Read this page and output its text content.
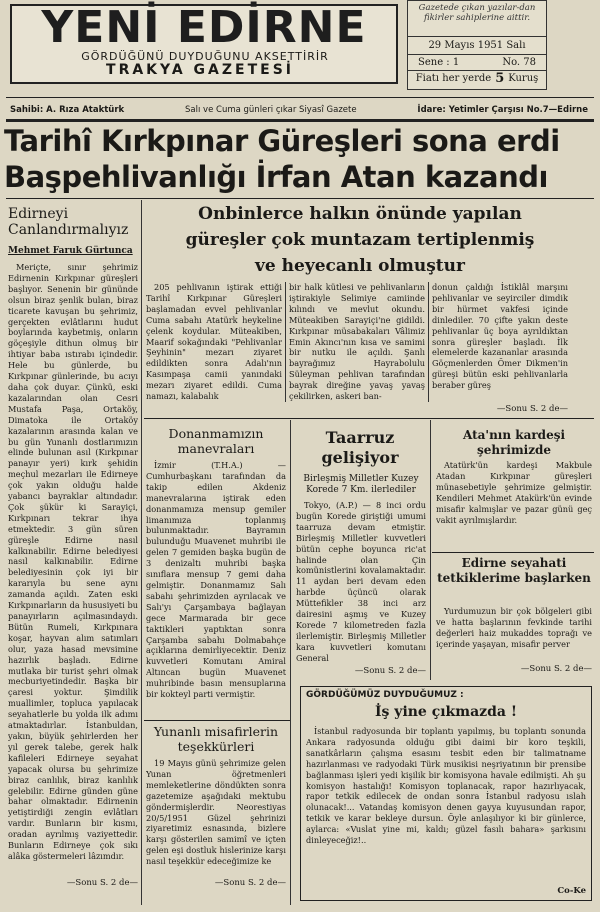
YENİ EDİRNE
GÖRDÜĞÜNÜ DUYDUĞUNU AKSETTİRİR
TRAKYA GAZETESİ
Gazetede çıkan yazılar-dan fikirler sahiplerine aittir.
29 Mayıs 1951 Salı
Sene : 1	No. 78
Fiatı her yerde 5 Kuruş
Sahibi: A. Rıza Ataktürk	Salı ve Cuma günleri çıkar Siyasî Gazete	İdare: Yetimler Çarşısı No.7—Edirne
Tarihî Kırkpınar Güreşleri sona erdi
Başpehlivanlığı İrfan Atan kazandı
Edirneyi Canlandırmalıyız
Mehmet Faruk Gürtunca

Meriçte, sınır şehrimiz Edirnenin Kırkpınar güreşleri başlıyor. Senenin bir gününde olsun biraz şenlik bulan, biraz ticarete kavuşan bu şehrimiz, gerçekten evlâtlarını hudut boylarında kaybetmiş, onların göçeşiyle dithun olmuş bir ihtiyar baba ıstırabı içindedir. Hele bu günlerde, bu Kırkpınar günlerinde, bu acıyı daha çok duyar. Çünkü, eski kazalarından olan Cesri Mustafa Paşa, Ortaköy, Dimatoka ile Ortaköy kazalarının arasında kalan ve bu gün Yunanlı dostlarımızın elinde bulunan asıl (Kırkpınar panayır yeri) kırk şehidin meçhul mezarları ile Edirneye çok yakın olduğu halde yabancı bayraklar altındadır. Çok şükür ki Sarayiçi, Kırkpınarı tekrar ihya etmektedir. 3 gün süren güreşle Edirne nasıl kalkınabilir. Edirne belediyesi nasıl kalkınabilir. Edirne belediyesinin çok iyi bir kararıyla bu sene aynı zamanda açıldı. Zaten eski Kırkpınarların da hususiyeti bu panayırların açılmasındaydı. Bütün Rumeli, Kırkpınara koşar, hayvan alım satımları olur, yaza hasad mevsimine hazırlık başladı. Edirne mutlaka bir turist şehri olmak mecburiyetindedir. Başka bir çaresi yoktur. Şimdilik muallimler, topluca yapılacak seyahatlerle bu yolda ilk adımı atmaktadırlar. İstanbuldan, yakın, büyük şehirlerden her yıl gerek talebe, gerek halk kafileleri Edirneye seyahat yapacak olursa bu şehrimize biraz canlılık, biraz kanlılık gelebilir. Edirne günden güne bahar olmaktadır. Edirnenin yetiştirdiği zengin evlâtları vardır. Bunların bir kısmı, oradan ayrılmış vaziyettedir. Bunların Edirneye çok sıkı alâka göstermeleri lâzımdır.

—Sonu S. 2 de—
Onbinlerce halkın önünde yapılan
güreşler çok muntazam tertiplenmiş
ve heyecanlı olmuştur

205 pehlivanın iştirak ettiği Tarihî Kırkpınar Güreşleri başlamadan evvel pehlivanlar Cuma sabahı Atatürk heykeline çelenk koydular. Müteakiben, Maarif sokağındaki "Pehlivanlar Şeyhinin" mezarı ziyaret edildikten sonra Adalı'nın Kasımpaşa camii yanındaki mezarı ziyaret edildi. Cuma namazı, kalabalık

bir halk kütlesi ve pehlivanların iştirakiyle Selimiye camiinde kılındı ve mevlut okundu. Müteakiben Sarayiçi'ne gidildi. Kırkpınar müsabakaları Vâlimiz Emin Akıncı'nın kısa ve samimi bir nutku ile açıldı. Şanlı bayrağımız Hayrabolulu Süleyman pehlivan tarafından bayrak direğine yavaş yavaş çekilirken, askeri ban-

donun çaldığı İstiklâl marşını pehlivanlar ve seyirciler dimdik bir hürmet vakfesi içinde dinlediler. 70 çifte yakın deste pehlivanlar üç boya ayrıldıktan sonra güreşler başladı. İlk elemelerde kazananlar arasında Göçmenlerden Ömer Dikmen'in güreşi bütün eski pehlivanlarla beraber güreş

—Sonu S. 2 de—
Donanmamızın manevraları

İzmir (T.H.A.) — Cumhurbaşkanı tarafından da takip edilen Akdeniz manevralarına iştirak eden donanmamıza mensup gemiler limanımıza toplanmış bulunmaktadır. Bayramın bulunduğu Muavenet muhribi ile gelen 7 gemiden başka bugün de 3 denizaltı muhribi başka sınıflara mensup 7 gemi daha gelmiştir. Donanmamız Salı sabahı şehrimizden ayrılacak ve Salı'yı Çarşambaya bağlayan gece Marmarada bir gece taktikleri yaptıktan sonra Çarşamba sabahı Dolmabahçe açıklarına demirliyecektir. Deniz kuvvetleri Komutanı Amiral Altıncan bugün Muavenet muhribinde basın mensuplarına bir kokteyl parti vermiştir.

Yunanlı misafirlerin teşekkürleri

19 Mayıs günü şehrimize gelen Yunan öğretmenleri memleketlerine döndükten sonra gazetemize aşağıdaki mektubu göndermişlerdir. Neorestiyas 20/5/1951 Güzel şehrinizi ziyaretimiz esnasında, bizlere karşı gösterilen samimî ve içten gelen eşi dostluk hislerinize karşı nasıl teşekkür edeceğimize ke

—Sonu S. 2 de—
Taarruz gelişiyor
Birleşmiş Milletler Kuzey Korede 7 Km. ilerlediler

Tokyo, (A.P.) — 8 inci ordu bugün Korede giriştiği umumi taarruza devam etmiştir. Birleşmiş Milletler kuvvetleri bütün cephe boyunca ric'at halinde olan Çin komünistlerini kovalamaktadır. 11 aydan beri devam eden harbde üçüncü olarak Müttefikler 38 inci arz dairesini aşmış ve Kuzey Korede 7 kilometreden fazla ilerlemiştir. Birleşmiş Milletler kara kuvvetleri komutanı General

—Sonu S. 2 de—
Ata'nın kardeşi şehrimizde

Atatürk'ün kardeşi Makbule Atadan Kırkpınar güreşleri münasebetiyle şehrimize gelmiştir. Kendileri Mehmet Atakürk'ün evinde misafir kalmışlar ve pazar günü geç vakit ayrılmışlardır.

Edirne seyahati tetkiklerime başlarken

Yurdumuzun bir çok bölgeleri gibi ve hatta başlarının fevkinde tarihi değerleri haiz mukaddes toprağı ve içerinde yaşayan, misafir perver

—Sonu S. 2 de—
GÖRDÜĞÜMÜZ DUYDUĞUMUZ :
İş yine çıkmazda !

İstanbul radyosunda bir toplantı yapılmış, bu toplantı sonunda Ankara radyosunda olduğu gibi daimi bir koro teşkili, sanatkârların çalışma esasını tesbit eden bir talimatname hazırlanması ve radyodaki Türk musikisi neşriyatının bir prensibe bağlanması işleri yedi kişilik bir komisyona havale edilmişti. Ah şu komisyon hastalığı! Komisyon toplanacak, rapor hazırlıyacak, rapor tetkik edilecek de ondan sonra İstanbul radyosu ıslah olunacak!... Vatandaş komisyon denen gayya kuyusundan rapor, tetkik ve karar bekleye dursun. Öyle anlaşılıyor ki bir günlerce, aylarca: «Vuslat yine mi, kaldı; güzel fasılı bahara» şarkısını dinleyeceğiz!..

Co-Ke
